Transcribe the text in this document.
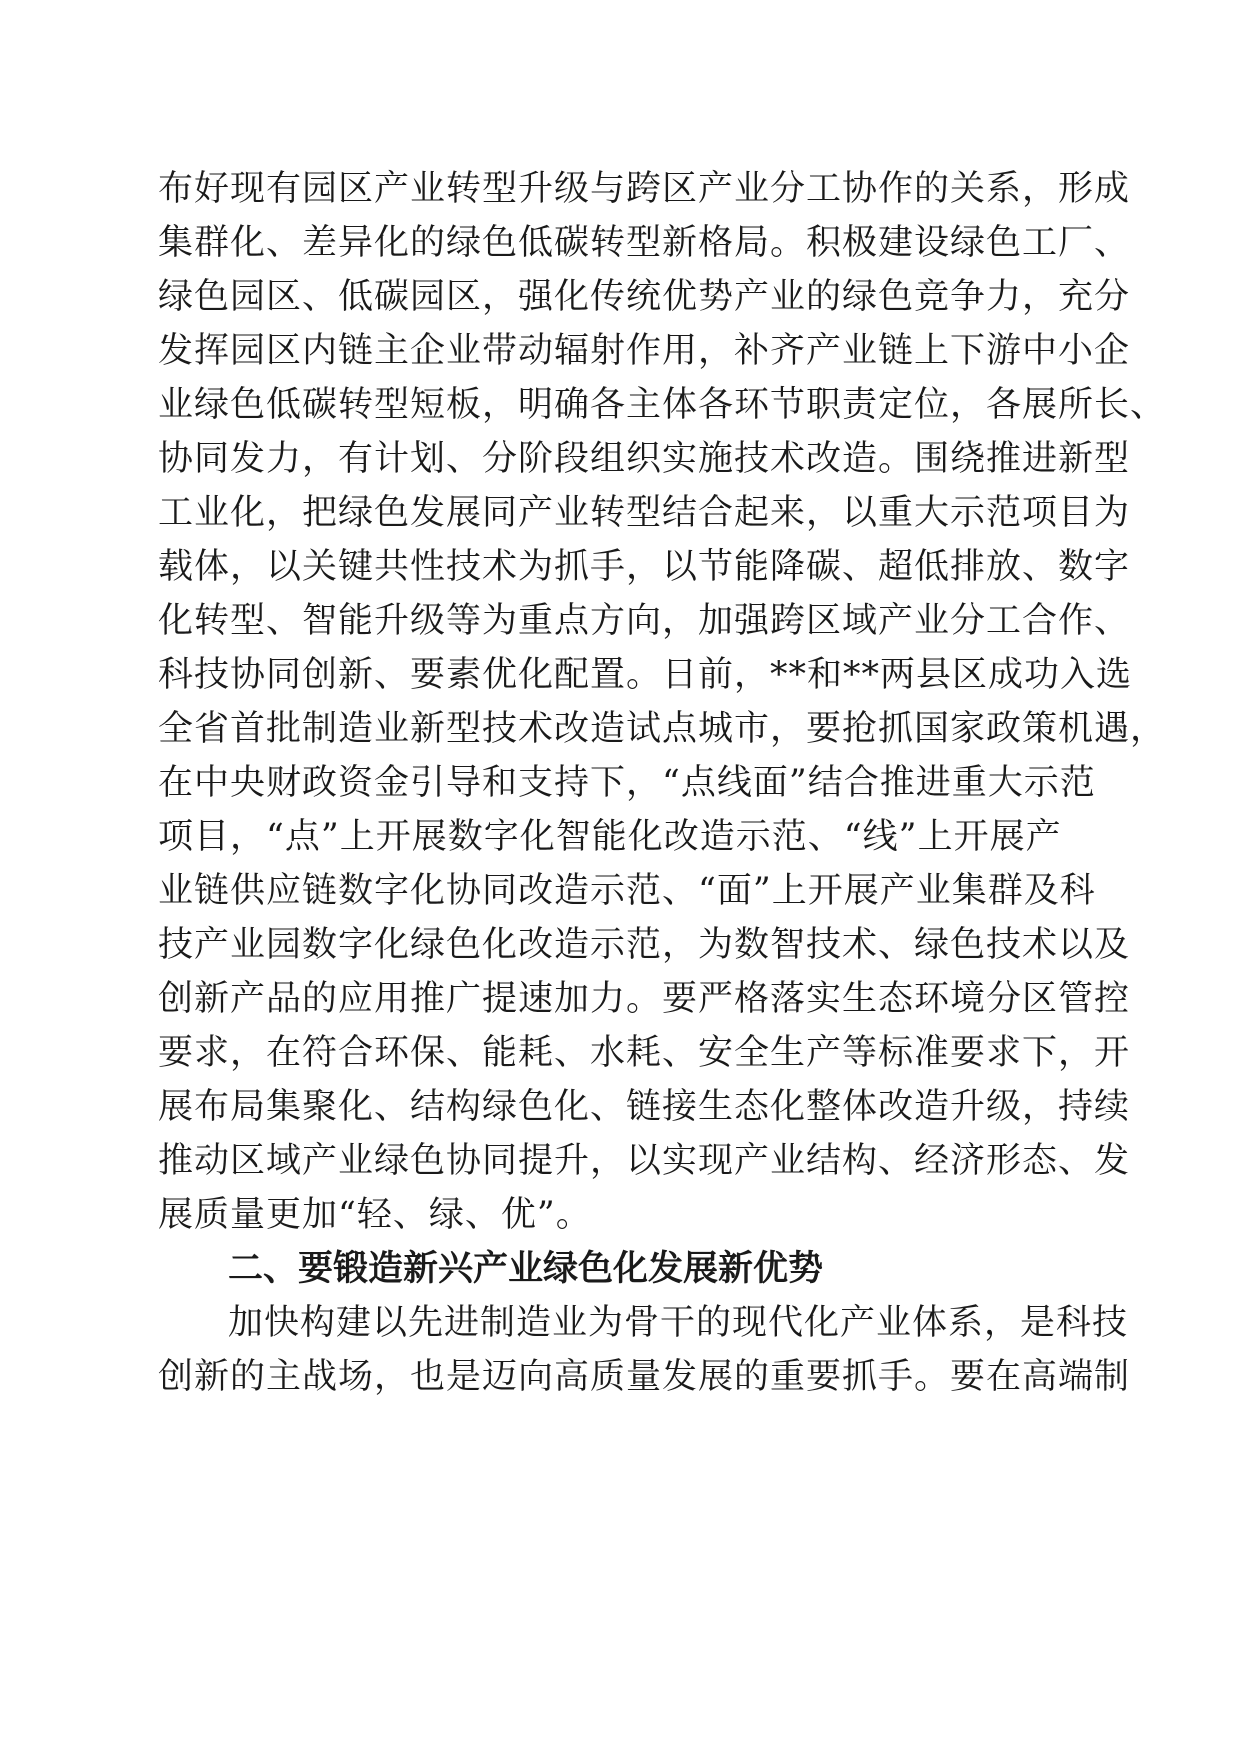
布好现有园区产业转型升级与跨区产业分工协作的关系，形成
集群化、差异化的绿色低碳转型新格局。积极建设绿色工厂、
绿色园区、低碳园区，强化传统优势产业的绿色竞争力，充分
发挥园区内链主企业带动辐射作用，补齐产业链上下游中小企
业绿色低碳转型短板，明确各主体各环节职责定位，各展所长、
协同发力，有计划、分阶段组织实施技术改造。围绕推进新型
工业化，把绿色发展同产业转型结合起来，以重大示范项目为
载体，以关键共性技术为抓手，以节能降碳、超低排放、数字
化转型、智能升级等为重点方向，加强跨区域产业分工合作、
科技协同创新、要素优化配置。日前，**和**两县区成功入选
全省首批制造业新型技术改造试点城市，要抢抓国家政策机遇，
在中央财政资金引导和支持下，“点线面”结合推进重大示范
项目，“点”上开展数字化智能化改造示范、“线”上开展产
业链供应链数字化协同改造示范、“面”上开展产业集群及科
技产业园数字化绿色化改造示范，为数智技术、绿色技术以及
创新产品的应用推广提速加力。要严格落实生态环境分区管控
要求，在符合环保、能耗、水耗、安全生产等标准要求下，开
展布局集聚化、结构绿色化、链接生态化整体改造升级，持续
推动区域产业绿色协同提升，以实现产业结构、经济形态、发
展质量更加“轻、绿、优”。
二、要锻造新兴产业绿色化发展新优势
加快构建以先进制造业为骨干的现代化产业体系，是科技
创新的主战场，也是迈向高质量发展的重要抓手。要在高端制
